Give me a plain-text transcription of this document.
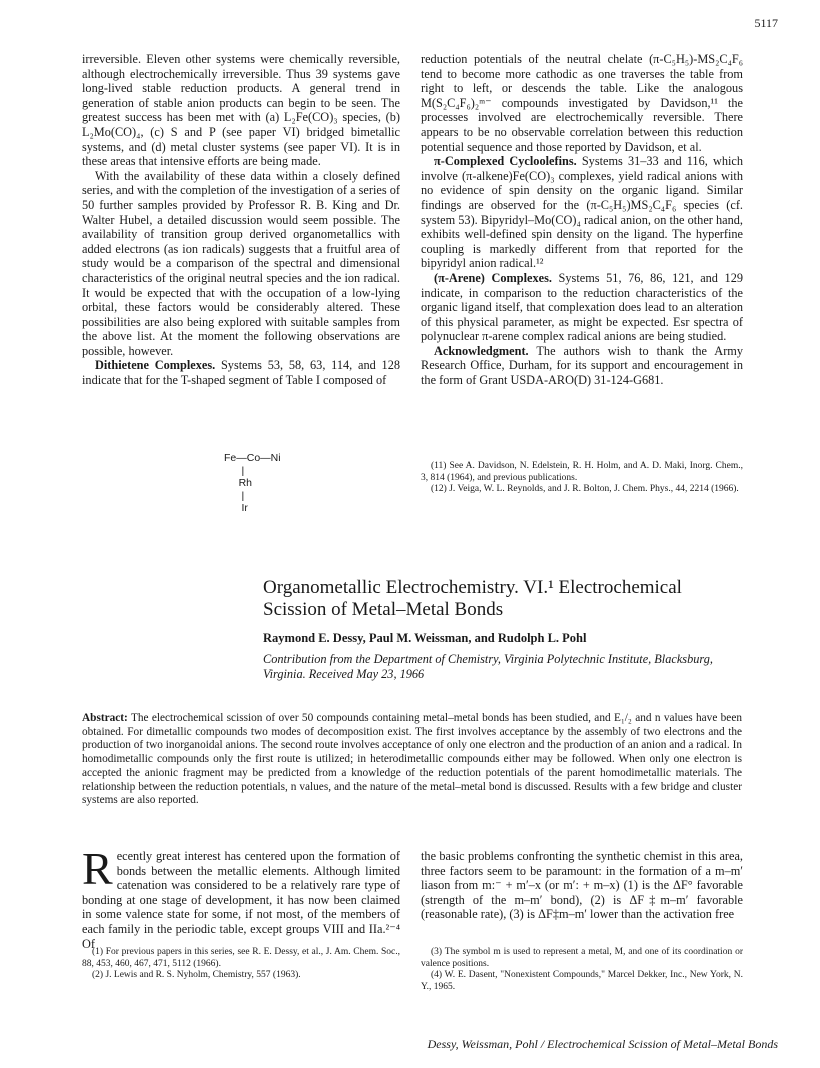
5117

irreversible. Eleven other systems were chemically reversible, although electrochemically irreversible. Thus 39 systems gave long-lived stable reduction products. A general trend in generation of stable anion products can begin to be seen. The greatest success has been met with (a) L₂Fe(CO)₃ species, (b) L₂Mo(CO)₄, (c) S and P (see paper VI) bridged bimetallic systems, and (d) metal cluster systems (see paper VI). It is in these areas that intensive efforts are being made.

With the availability of these data within a closely defined series, and with the completion of the investigation of a series of 50 further samples provided by Professor R. B. King and Dr. Walter Hubel, a detailed discussion would seem possible. The availability of transition group derived organometallics with added electrons (as ion radicals) suggests that a fruitful area of study would be a comparison of the spectral and dimensional characteristics of the original neutral species and the ion radical. It would be expected that with the occupation of a low-lying orbital, these factors would be considerably altered. These possibilities are also being explored with suitable samples from the above list. At the moment the following observations are possible, however.

Dithietene Complexes. Systems 53, 58, 63, 114, and 128 indicate that for the T-shaped segment of Table I composed of

Fe—Co—Ni
|
Rh
|
Ir

reduction potentials of the neutral chelate (π-C₅H₅)-MS₂C₄F₆ tend to become more cathodic as one traverses the table from right to left, or descends the table. Like the analogous M(S₂C₄F₆)₂ᵐ⁻ compounds investigated by Davidson,¹¹ the processes involved are electrochemically reversible. There appears to be no observable correlation between this reduction potential sequence and those reported by Davidson, et al.

π-Complexed Cycloolefins. Systems 31–33 and 116, which involve (π-alkene)Fe(CO)₃ complexes, yield radical anions with no evidence of spin density on the organic ligand. Similar findings are observed for the (π-C₅H₅)MS₂C₄F₆ species (cf. system 53). Bipyridyl–Mo(CO)₄ radical anion, on the other hand, exhibits well-defined spin density on the ligand. The hyperfine coupling is markedly different from that reported for the bipyridyl anion radical.¹²

(π-Arene) Complexes. Systems 51, 76, 86, 121, and 129 indicate, in comparison to the reduction characteristics of the organic ligand itself, that complexation does lead to an alteration of this physical parameter, as might be expected. Esr spectra of polynuclear π-arene complex radical anions are being studied.

Acknowledgment. The authors wish to thank the Army Research Office, Durham, for its support and encouragement in the form of Grant USDA-ARO(D) 31-124-G681.

(11) See A. Davidson, N. Edelstein, R. H. Holm, and A. D. Maki, Inorg. Chem., 3, 814 (1964), and previous publications.

(12) J. Veiga, W. L. Reynolds, and J. R. Bolton, J. Chem. Phys., 44, 2214 (1966).

Organometallic Electrochemistry. VI.¹ Electrochemical
Scission of Metal–Metal Bonds
Raymond E. Dessy, Paul M. Weissman, and Rudolph L. Pohl
Contribution from the Department of Chemistry, Virginia Polytechnic Institute, Blacksburg, Virginia. Received May 23, 1966
Abstract: The electrochemical scission of over 50 compounds containing metal–metal bonds has been studied, and E₁/₂ and n values have been obtained. For dimetallic compounds two modes of decomposition exist. The first involves acceptance by the assembly of two electrons and the production of two inorganoidal anions. The second route involves acceptance of only one electron and the production of an anion and a radical. In homodimetallic compounds only the first route is utilized; in heterodimetallic compounds either may be followed. When only one electron is accepted the anionic fragment may be predicted from a knowledge of the reduction potentials of the parent homodimetallic materials. The relationship between the reduction potentials, n values, and the nature of the metal–metal bond is discussed. Results with a few bridge and cluster systems are also reported.

Recently great interest has centered upon the formation of bonds between the metallic elements. Although limited catenation was considered to be a relatively rare type of bonding at one stage of development, it has now been claimed in some valence state for some, if not most, of the members of each family in the periodic table, except groups VIII and IIa.²⁻⁴ Of

the basic problems confronting the synthetic chemist in this area, three factors seem to be paramount: in the formation of a m–m′ liason from m:⁻ + m′–x (or m′: + m–x) (1) is the ΔF° favorable (strength of the m–m′ bond), (2) is ΔF‡m–m′ favorable (reasonable rate), (3) is ΔF‡m–m′ lower than the activation free

(1) For previous papers in this series, see R. E. Dessy, et al., J. Am. Chem. Soc., 88, 453, 460, 467, 471, 5112 (1966).

(2) J. Lewis and R. S. Nyholm, Chemistry, 557 (1963).

(3) The symbol m is used to represent a metal, M, and one of its coordination or valence positions.

(4) W. E. Dasent, "Nonexistent Compounds," Marcel Dekker, Inc., New York, N. Y., 1965.

Dessy, Weissman, Pohl / Electrochemical Scission of Metal–Metal Bonds
